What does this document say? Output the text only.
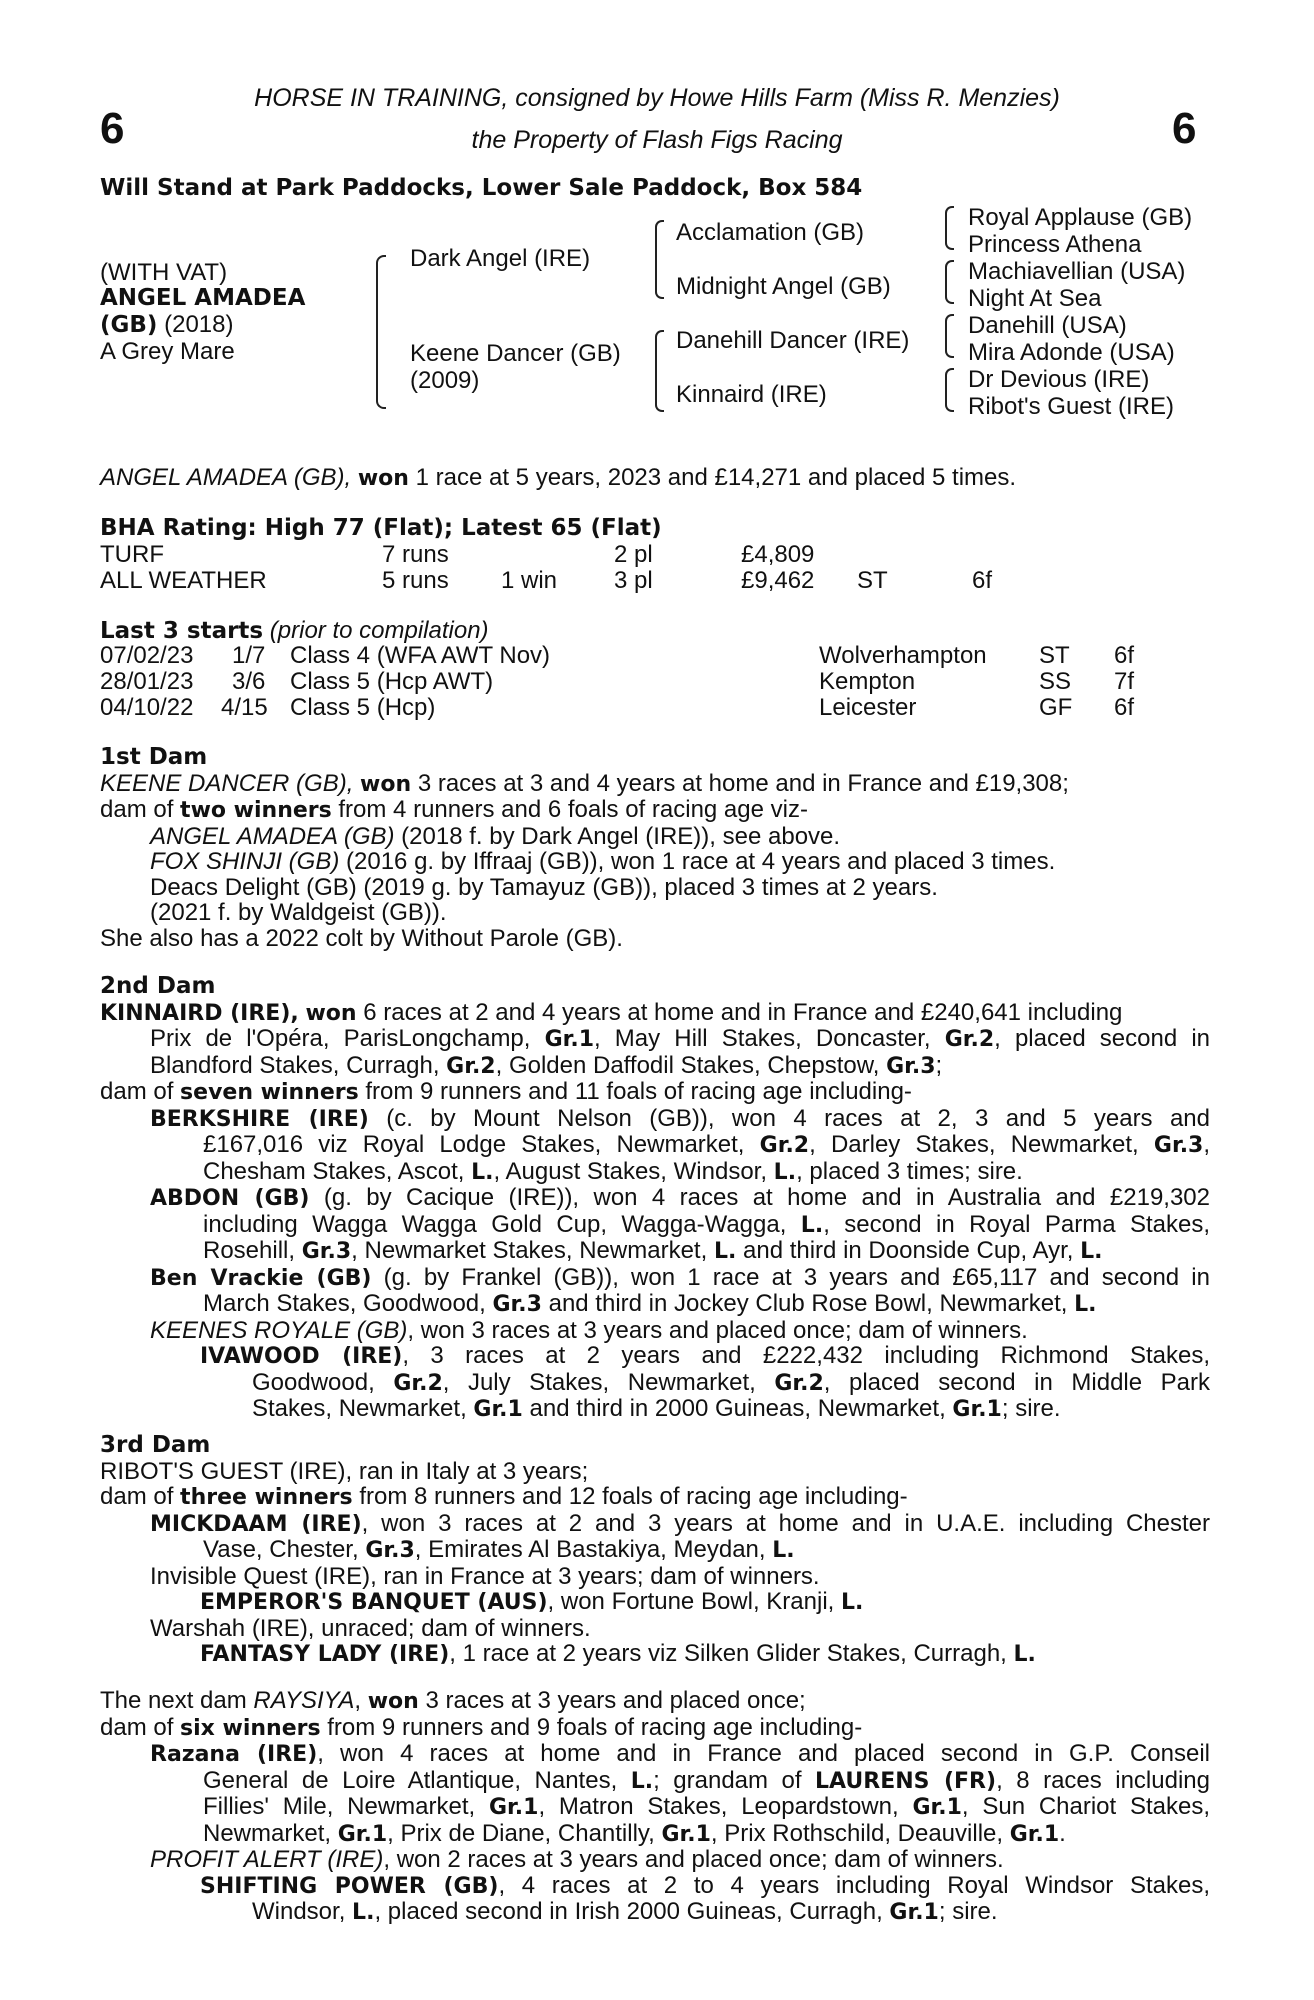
6	6
HORSE IN TRAINING, consigned by Howe Hills Farm (Miss R. Menzies)
the Property of Flash Figs Racing
Will Stand at Park Paddocks, Lower Sale Paddock, Box 584
(WITH VAT)
ANGEL AMADEA
(GB) (2018)
A Grey Mare
Dark Angel (IRE)
Keene Dancer (GB)
(2009)
Acclamation (GB)
Midnight Angel (GB)
Danehill Dancer (IRE)
Kinnaird (IRE)
Royal Applause (GB)
Princess Athena
Machiavellian (USA)
Night At Sea
Danehill (USA)
Mira Adonde (USA)
Dr Devious (IRE)
Ribot's Guest (IRE)
ANGEL AMADEA (GB), won 1 race at 5 years, 2023 and £14,271 and placed 5 times.
BHA Rating: High 77 (Flat); Latest 65 (Flat)
TURF	7 runs	2 pl	£4,809
ALL WEATHER	5 runs 1 win 3 pl	£9,462 ST	6f
Last 3 starts (prior to compilation)
07/02/23 1/7 Class 4 (WFA AWT Nov)	Wolverhampton ST 6f
28/01/23 3/6 Class 5 (Hcp AWT)	Kempton	SS 7f
04/10/22 4/15 Class 5 (Hcp)	Leicester	GF 6f
1st Dam
KEENE DANCER (GB), won 3 races at 3 and 4 years at home and in France and £19,308;
dam of two winners from 4 runners and 6 foals of racing age viz-
ANGEL AMADEA (GB) (2018 f. by Dark Angel (IRE)), see above.
FOX SHINJI (GB) (2016 g. by Iffraaj (GB)), won 1 race at 4 years and placed 3 times.
Deacs Delight (GB) (2019 g. by Tamayuz (GB)), placed 3 times at 2 years.
(2021 f. by Waldgeist (GB)).
She also has a 2022 colt by Without Parole (GB).
2nd Dam
KINNAIRD (IRE), won 6 races at 2 and 4 years at home and in France and £240,641 including
Prix de l'Opéra, ParisLongchamp, Gr.1, May Hill Stakes, Doncaster, Gr.2, placed second in
Blandford Stakes, Curragh, Gr.2, Golden Daffodil Stakes, Chepstow, Gr.3;
dam of seven winners from 9 runners and 11 foals of racing age including-
BERKSHIRE (IRE) (c. by Mount Nelson (GB)), won 4 races at 2, 3 and 5 years and
£167,016 viz Royal Lodge Stakes, Newmarket, Gr.2, Darley Stakes, Newmarket, Gr.3,
Chesham Stakes, Ascot, L., August Stakes, Windsor, L., placed 3 times; sire.
ABDON (GB) (g. by Cacique (IRE)), won 4 races at home and in Australia and £219,302
including Wagga Wagga Gold Cup, Wagga-Wagga, L., second in Royal Parma Stakes,
Rosehill, Gr.3, Newmarket Stakes, Newmarket, L. and third in Doonside Cup, Ayr, L.
Ben Vrackie (GB) (g. by Frankel (GB)), won 1 race at 3 years and £65,117 and second in
March Stakes, Goodwood, Gr.3 and third in Jockey Club Rose Bowl, Newmarket, L.
KEENES ROYALE (GB), won 3 races at 3 years and placed once; dam of winners.
IVAWOOD (IRE), 3 races at 2 years and £222,432 including Richmond Stakes,
Goodwood, Gr.2, July Stakes, Newmarket, Gr.2, placed second in Middle Park
Stakes, Newmarket, Gr.1 and third in 2000 Guineas, Newmarket, Gr.1; sire.
3rd Dam
RIBOT'S GUEST (IRE), ran in Italy at 3 years;
dam of three winners from 8 runners and 12 foals of racing age including-
MICKDAAM (IRE), won 3 races at 2 and 3 years at home and in U.A.E. including Chester
Vase, Chester, Gr.3, Emirates Al Bastakiya, Meydan, L.
Invisible Quest (IRE), ran in France at 3 years; dam of winners.
EMPEROR'S BANQUET (AUS), won Fortune Bowl, Kranji, L.
Warshah (IRE), unraced; dam of winners.
FANTASY LADY (IRE), 1 race at 2 years viz Silken Glider Stakes, Curragh, L.
The next dam RAYSIYA, won 3 races at 3 years and placed once;
dam of six winners from 9 runners and 9 foals of racing age including-
Razana (IRE), won 4 races at home and in France and placed second in G.P. Conseil
General de Loire Atlantique, Nantes, L.; grandam of LAURENS (FR), 8 races including
Fillies' Mile, Newmarket, Gr.1, Matron Stakes, Leopardstown, Gr.1, Sun Chariot Stakes,
Newmarket, Gr.1, Prix de Diane, Chantilly, Gr.1, Prix Rothschild, Deauville, Gr.1.
PROFIT ALERT (IRE), won 2 races at 3 years and placed once; dam of winners.
SHIFTING POWER (GB), 4 races at 2 to 4 years including Royal Windsor Stakes,
Windsor, L., placed second in Irish 2000 Guineas, Curragh, Gr.1; sire.
